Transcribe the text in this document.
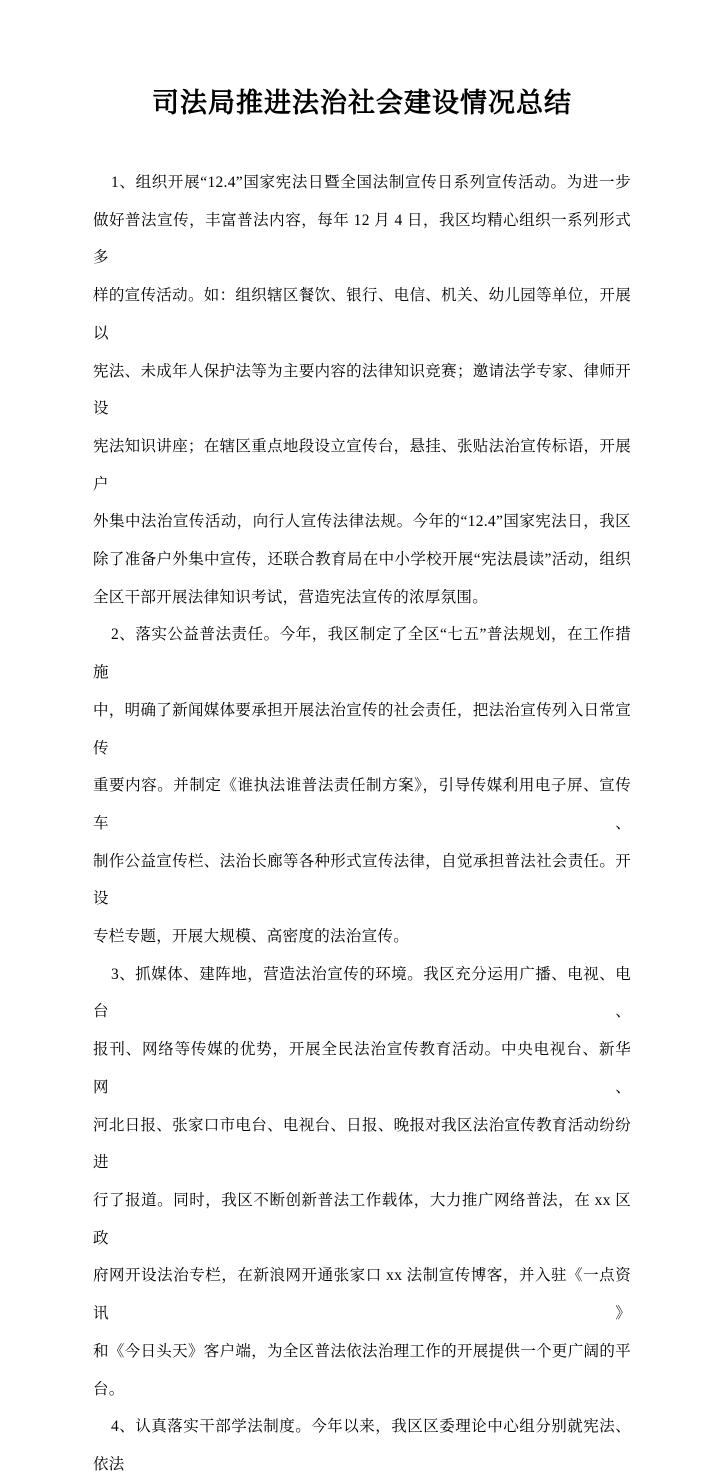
司法局推进法治社会建设情况总结
1、组织开展“12.4”国家宪法日暨全国法制宣传日系列宣传活动。为进一步
做好普法宣传，丰富普法内容，每年 12 月 4 日，我区均精心组织一系列形式多
样的宣传活动。如：组织辖区餐饮、银行、电信、机关、幼儿园等单位，开展以
宪法、未成年人保护法等为主要内容的法律知识竞赛；邀请法学专家、律师开设
宪法知识讲座；在辖区重点地段设立宣传台，悬挂、张贴法治宣传标语，开展户
外集中法治宣传活动，向行人宣传法律法规。今年的“12.4”国家宪法日，我区
除了准备户外集中宣传，还联合教育局在中小学校开展“宪法晨读”活动，组织
全区干部开展法律知识考试，营造宪法宣传的浓厚氛围。
2、落实公益普法责任。今年，我区制定了全区“七五”普法规划，在工作措施
中，明确了新闻媒体要承担开展法治宣传的社会责任，把法治宣传列入日常宣传
重要内容。并制定《谁执法谁普法责任制方案》，引导传媒利用电子屏、宣传车、
制作公益宣传栏、法治长廊等各种形式宣传法律，自觉承担普法社会责任。开设
专栏专题，开展大规模、高密度的法治宣传。
3、抓媒体、建阵地，营造法治宣传的环境。我区充分运用广播、电视、电台、
报刊、网络等传媒的优势，开展全民法治宣传教育活动。中央电视台、新华网、
河北日报、张家口市电台、电视台、日报、晚报对我区法治宣传教育活动纷纷进
行了报道。同时，我区不断创新普法工作载体，大力推广网络普法，在 xx 区政
府网开设法治专栏，在新浪网开通张家口 xx 法制宣传博客，并入驻《一点资讯》
和《今日头天》客户端，为全区普法依法治理工作的开展提供一个更广阔的平台。
4、认真落实干部学法制度。今年以来，我区区委理论中心组分别就宪法、依法
